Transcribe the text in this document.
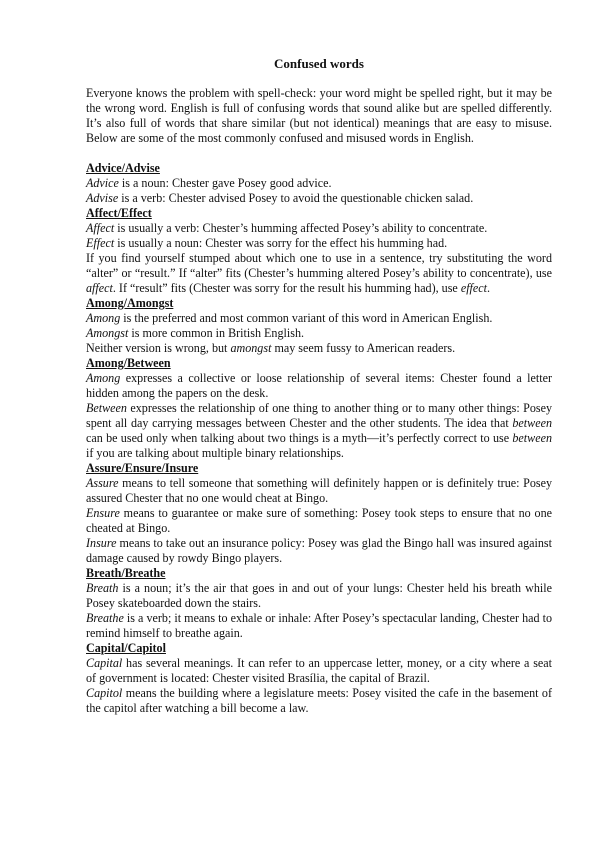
Confused words
Everyone knows the problem with spell-check: your word might be spelled right, but it may be the wrong word. English is full of confusing words that sound alike but are spelled differently. It’s also full of words that share similar (but not identical) meanings that are easy to misuse. Below are some of the most commonly confused and misused words in English.
Advice/Advise
Advice is a noun: Chester gave Posey good advice.
Advise is a verb: Chester advised Posey to avoid the questionable chicken salad.
Affect/Effect
Affect is usually a verb: Chester’s humming affected Posey’s ability to concentrate.
Effect is usually a noun: Chester was sorry for the effect his humming had.
If you find yourself stumped about which one to use in a sentence, try substituting the word “alter” or “result.” If “alter” fits (Chester’s humming altered Posey’s ability to concentrate), use affect. If “result” fits (Chester was sorry for the result his humming had), use effect.
Among/Amongst
Among is the preferred and most common variant of this word in American English.
Amongst is more common in British English.
Neither version is wrong, but amongst may seem fussy to American readers.
Among/Between
Among expresses a collective or loose relationship of several items: Chester found a letter hidden among the papers on the desk.
Between expresses the relationship of one thing to another thing or to many other things: Posey spent all day carrying messages between Chester and the other students. The idea that between can be used only when talking about two things is a myth—it’s perfectly correct to use between if you are talking about multiple binary relationships.
Assure/Ensure/Insure
Assure means to tell someone that something will definitely happen or is definitely true: Posey assured Chester that no one would cheat at Bingo.
Ensure means to guarantee or make sure of something: Posey took steps to ensure that no one cheated at Bingo.
Insure means to take out an insurance policy: Posey was glad the Bingo hall was insured against damage caused by rowdy Bingo players.
Breath/Breathe
Breath is a noun; it’s the air that goes in and out of your lungs: Chester held his breath while Posey skateboarded down the stairs.
Breathe is a verb; it means to exhale or inhale: After Posey’s spectacular landing, Chester had to remind himself to breathe again.
Capital/Capitol
Capital has several meanings. It can refer to an uppercase letter, money, or a city where a seat of government is located: Chester visited Brasília, the capital of Brazil.
Capitol means the building where a legislature meets: Posey visited the cafe in the basement of the capitol after watching a bill become a law.
